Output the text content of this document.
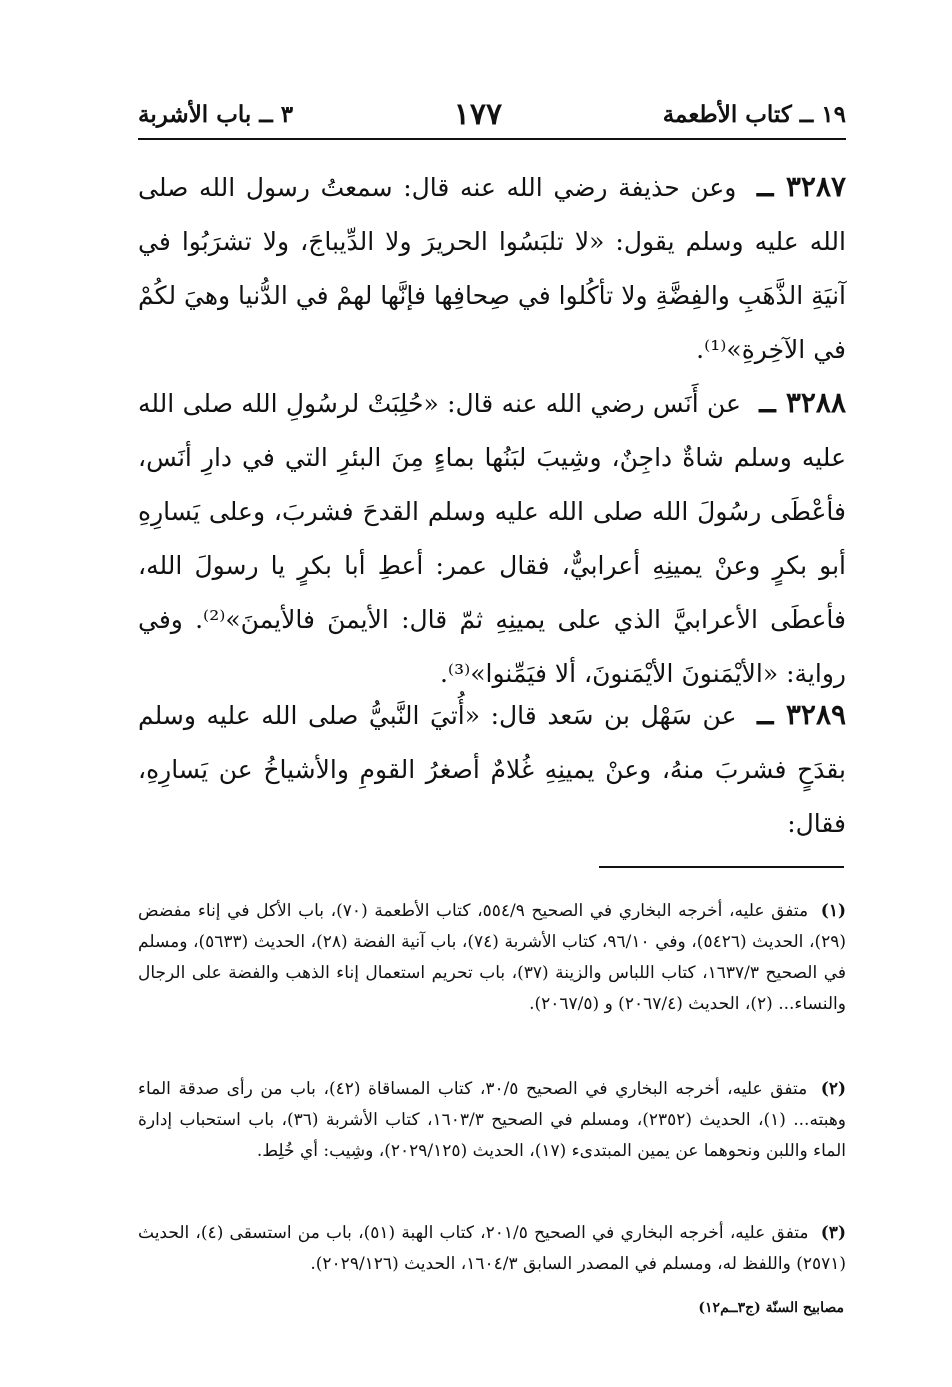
١٩ ــ كتاب الأطعمة
١٧٧
٣ ــ باب الأشربة
٣٢٨٧ ــ وعن حذيفة رضي الله عنه قال: سمعتُ رسول الله صلى الله عليه وسلم يقول: «لا تلبَسُوا الحريرَ ولا الدِّيباجَ، ولا تشرَبُوا في آنيَةِ الذَّهَبِ والفِضَّةِ ولا تأكُلوا في صِحافِها فإنَّها لهمْ في الدُّنيا وهيَ لكُمْ في الآخِرةِ»⁽¹⁾.
٣٢٨٨ ــ عن أَنَس رضي الله عنه قال: «حُلِبَتْ لرسُولِ الله صلى الله عليه وسلم شاةٌ داجِنٌ، وشِيبَ لبَنُها بماءٍ مِنَ البئرِ التي في دارِ أنَس، فأعْطَى رسُولَ الله صلى الله عليه وسلم القدحَ فشربَ، وعلى يَسارِهِ أبو بكرٍ وعنْ يمينِهِ أعرابيٌّ، فقال عمر: أعطِ أبا بكرٍ يا رسولَ الله، فأعطَى الأعرابيَّ الذي على يمينِهِ ثمّ قال: الأيمنَ فالأيمنَ»⁽²⁾. وفي رواية: «الأيْمَنونَ الأيْمَنونَ، ألا فيَمِّنوا»⁽³⁾.
٣٢٨٩ ــ عن سَهْل بن سَعد قال: «أُتيَ النَّبيُّ صلى الله عليه وسلم بقدَحٍ فشربَ منهُ، وعنْ يمينِهِ غُلامٌ أصغرُ القومِ والأشياخُ عن يَسارِهِ، فقال:
(١) متفق عليه، أخرجه البخاري في الصحيح ٥٥٤/٩، كتاب الأطعمة (٧٠)، باب الأكل في إناء مفضض (٢٩)، الحديث (٥٤٢٦)، وفي ٩٦/١٠، كتاب الأشربة (٧٤)، باب آنية الفضة (٢٨)، الحديث (٥٦٣٣)، ومسلم في الصحيح ١٦٣٧/٣، كتاب اللباس والزينة (٣٧)، باب تحريم استعمال إناء الذهب والفضة على الرجال والنساء... (٢)، الحديث (٢٠٦٧/٤) و (٢٠٦٧/٥).
(٢) متفق عليه، أخرجه البخاري في الصحيح ٣٠/٥، كتاب المساقاة (٤٢)، باب من رأى صدقة الماء وهبته... (١)، الحديث (٢٣٥٢)، ومسلم في الصحيح ١٦٠٣/٣، كتاب الأشربة (٣٦)، باب استحباب إدارة الماء واللبن ونحوهما عن يمين المبتدىء (١٧)، الحديث (٢٠٢٩/١٢٥)، وشِيب: أي خُلِط.
(٣) متفق عليه، أخرجه البخاري في الصحيح ٢٠١/٥، كتاب الهبة (٥١)، باب من استسقى (٤)، الحديث (٢٥٧١) واللفظ له، ومسلم في المصدر السابق ١٦٠٤/٣، الحديث (٢٠٢٩/١٢٦).
مصابيح السنّة (ج٣ــم١٢)
